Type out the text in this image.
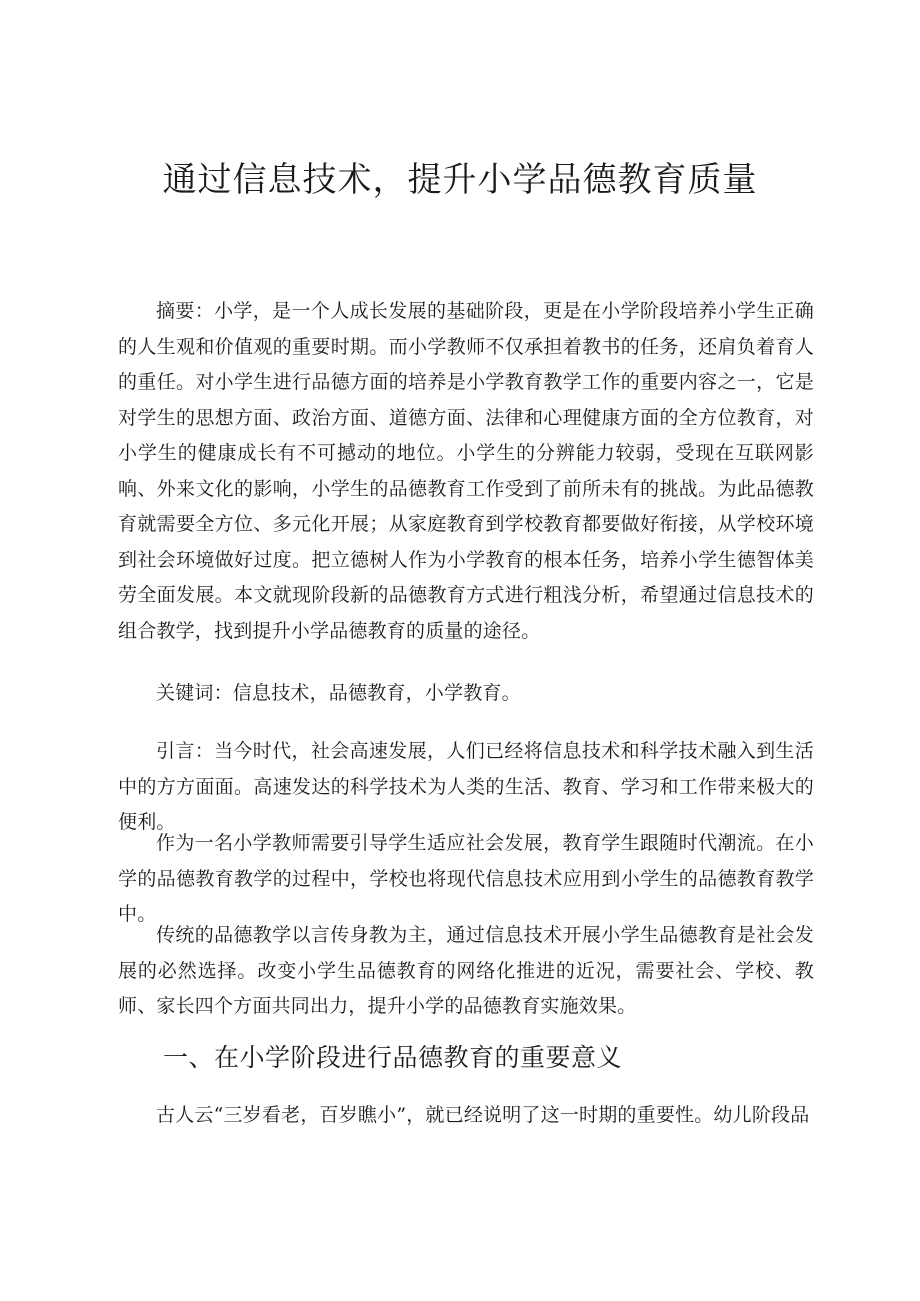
通过信息技术，提升小学品德教育质量

摘要：小学，是一个人成长发展的基础阶段，更是在小学阶段培养小学生正确的人生观和价值观的重要时期。而小学教师不仅承担着教书的任务，还肩负着育人的重任。对小学生进行品德方面的培养是小学教育教学工作的重要内容之一，它是对学生的思想方面、政治方面、道德方面、法律和心理健康方面的全方位教育，对小学生的健康成长有不可撼动的地位。小学生的分辨能力较弱，受现在互联网影响、外来文化的影响，小学生的品德教育工作受到了前所未有的挑战。为此品德教育就需要全方位、多元化开展；从家庭教育到学校教育都要做好衔接，从学校环境到社会环境做好过度。把立德树人作为小学教育的根本任务，培养小学生德智体美劳全面发展。本文就现阶段新的品德教育方式进行粗浅分析，希望通过信息技术的组合教学，找到提升小学品德教育的质量的途径。

关键词：信息技术，品德教育，小学教育。

引言：当今时代，社会高速发展，人们已经将信息技术和科学技术融入到生活中的方方面面。高速发达的科学技术为人类的生活、教育、学习和工作带来极大的便利。

作为一名小学教师需要引导学生适应社会发展，教育学生跟随时代潮流。在小学的品德教育教学的过程中，学校也将现代信息技术应用到小学生的品德教育教学中。

传统的品德教学以言传身教为主，通过信息技术开展小学生品德教育是社会发展的必然选择。改变小学生品德教育的网络化推进的近况，需要社会、学校、教师、家长四个方面共同出力，提升小学的品德教育实施效果。

一、在小学阶段进行品德教育的重要意义

古人云“三岁看老，百岁瞧小”，就已经说明了这一时期的重要性。幼儿阶段品
